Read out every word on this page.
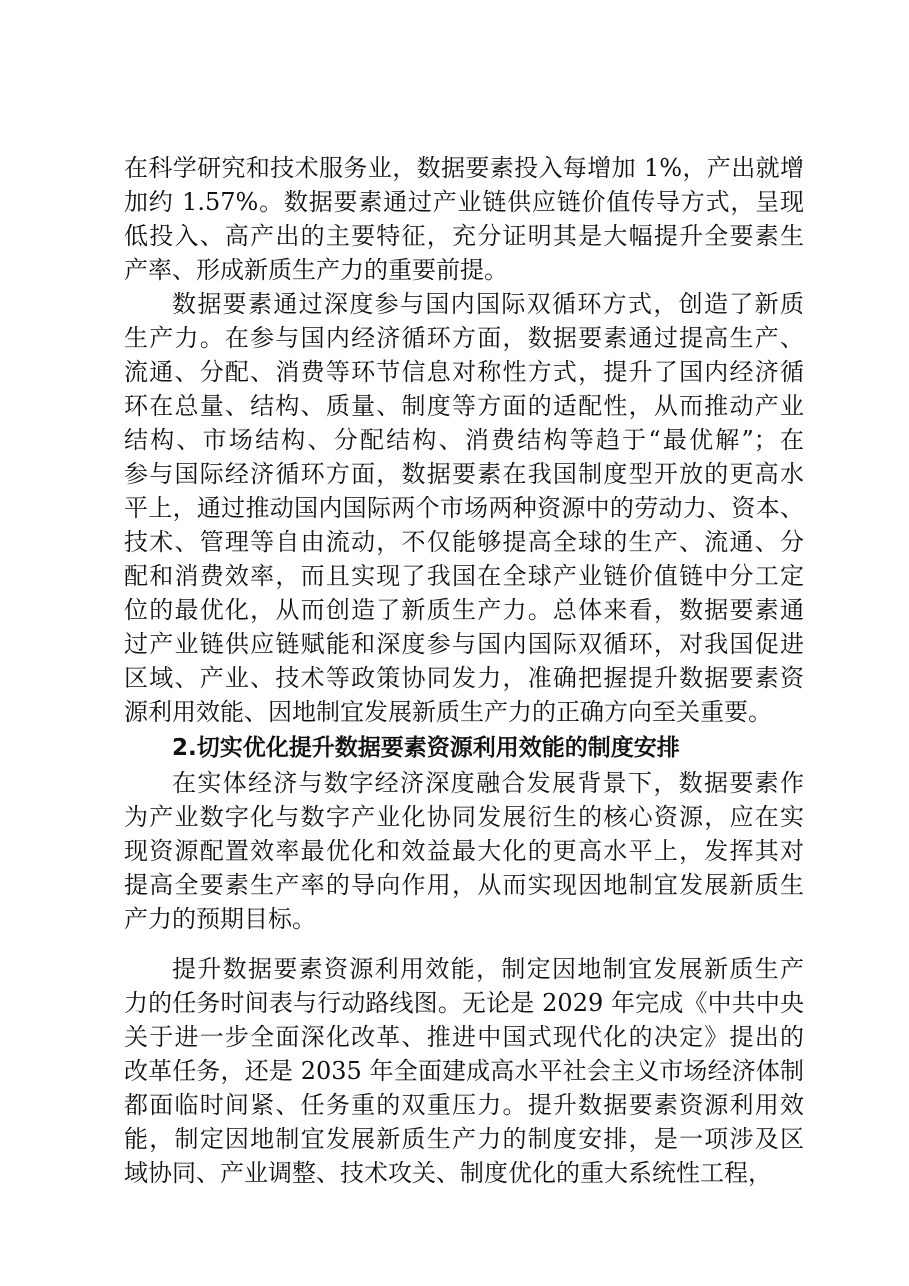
在科学研究和技术服务业，数据要素投入每增加 1%，产出就增
加约 1.57%。数据要素通过产业链供应链价值传导方式，呈现
低投入、高产出的主要特征，充分证明其是大幅提升全要素生
产率、形成新质生产力的重要前提。
数据要素通过深度参与国内国际双循环方式，创造了新质
生产力。在参与国内经济循环方面，数据要素通过提高生产、
流通、分配、消费等环节信息对称性方式，提升了国内经济循
环在总量、结构、质量、制度等方面的适配性，从而推动产业
结构、市场结构、分配结构、消费结构等趋于“最优解”；在
参与国际经济循环方面，数据要素在我国制度型开放的更高水
平上，通过推动国内国际两个市场两种资源中的劳动力、资本、
技术、管理等自由流动，不仅能够提高全球的生产、流通、分
配和消费效率，而且实现了我国在全球产业链价值链中分工定
位的最优化，从而创造了新质生产力。总体来看，数据要素通
过产业链供应链赋能和深度参与国内国际双循环，对我国促进
区域、产业、技术等政策协同发力，准确把握提升数据要素资
源利用效能、因地制宜发展新质生产力的正确方向至关重要。
2.切实优化提升数据要素资源利用效能的制度安排
在实体经济与数字经济深度融合发展背景下，数据要素作
为产业数字化与数字产业化协同发展衍生的核心资源，应在实
现资源配置效率最优化和效益最大化的更高水平上，发挥其对
提高全要素生产率的导向作用，从而实现因地制宜发展新质生
产力的预期目标。
提升数据要素资源利用效能，制定因地制宜发展新质生产
力的任务时间表与行动路线图。无论是 2029 年完成《中共中央
关于进一步全面深化改革、推进中国式现代化的决定》提出的
改革任务，还是 2035 年全面建成高水平社会主义市场经济体制
都面临时间紧、任务重的双重压力。提升数据要素资源利用效
能，制定因地制宜发展新质生产力的制度安排，是一项涉及区
域协同、产业调整、技术攻关、制度优化的重大系统性工程，
